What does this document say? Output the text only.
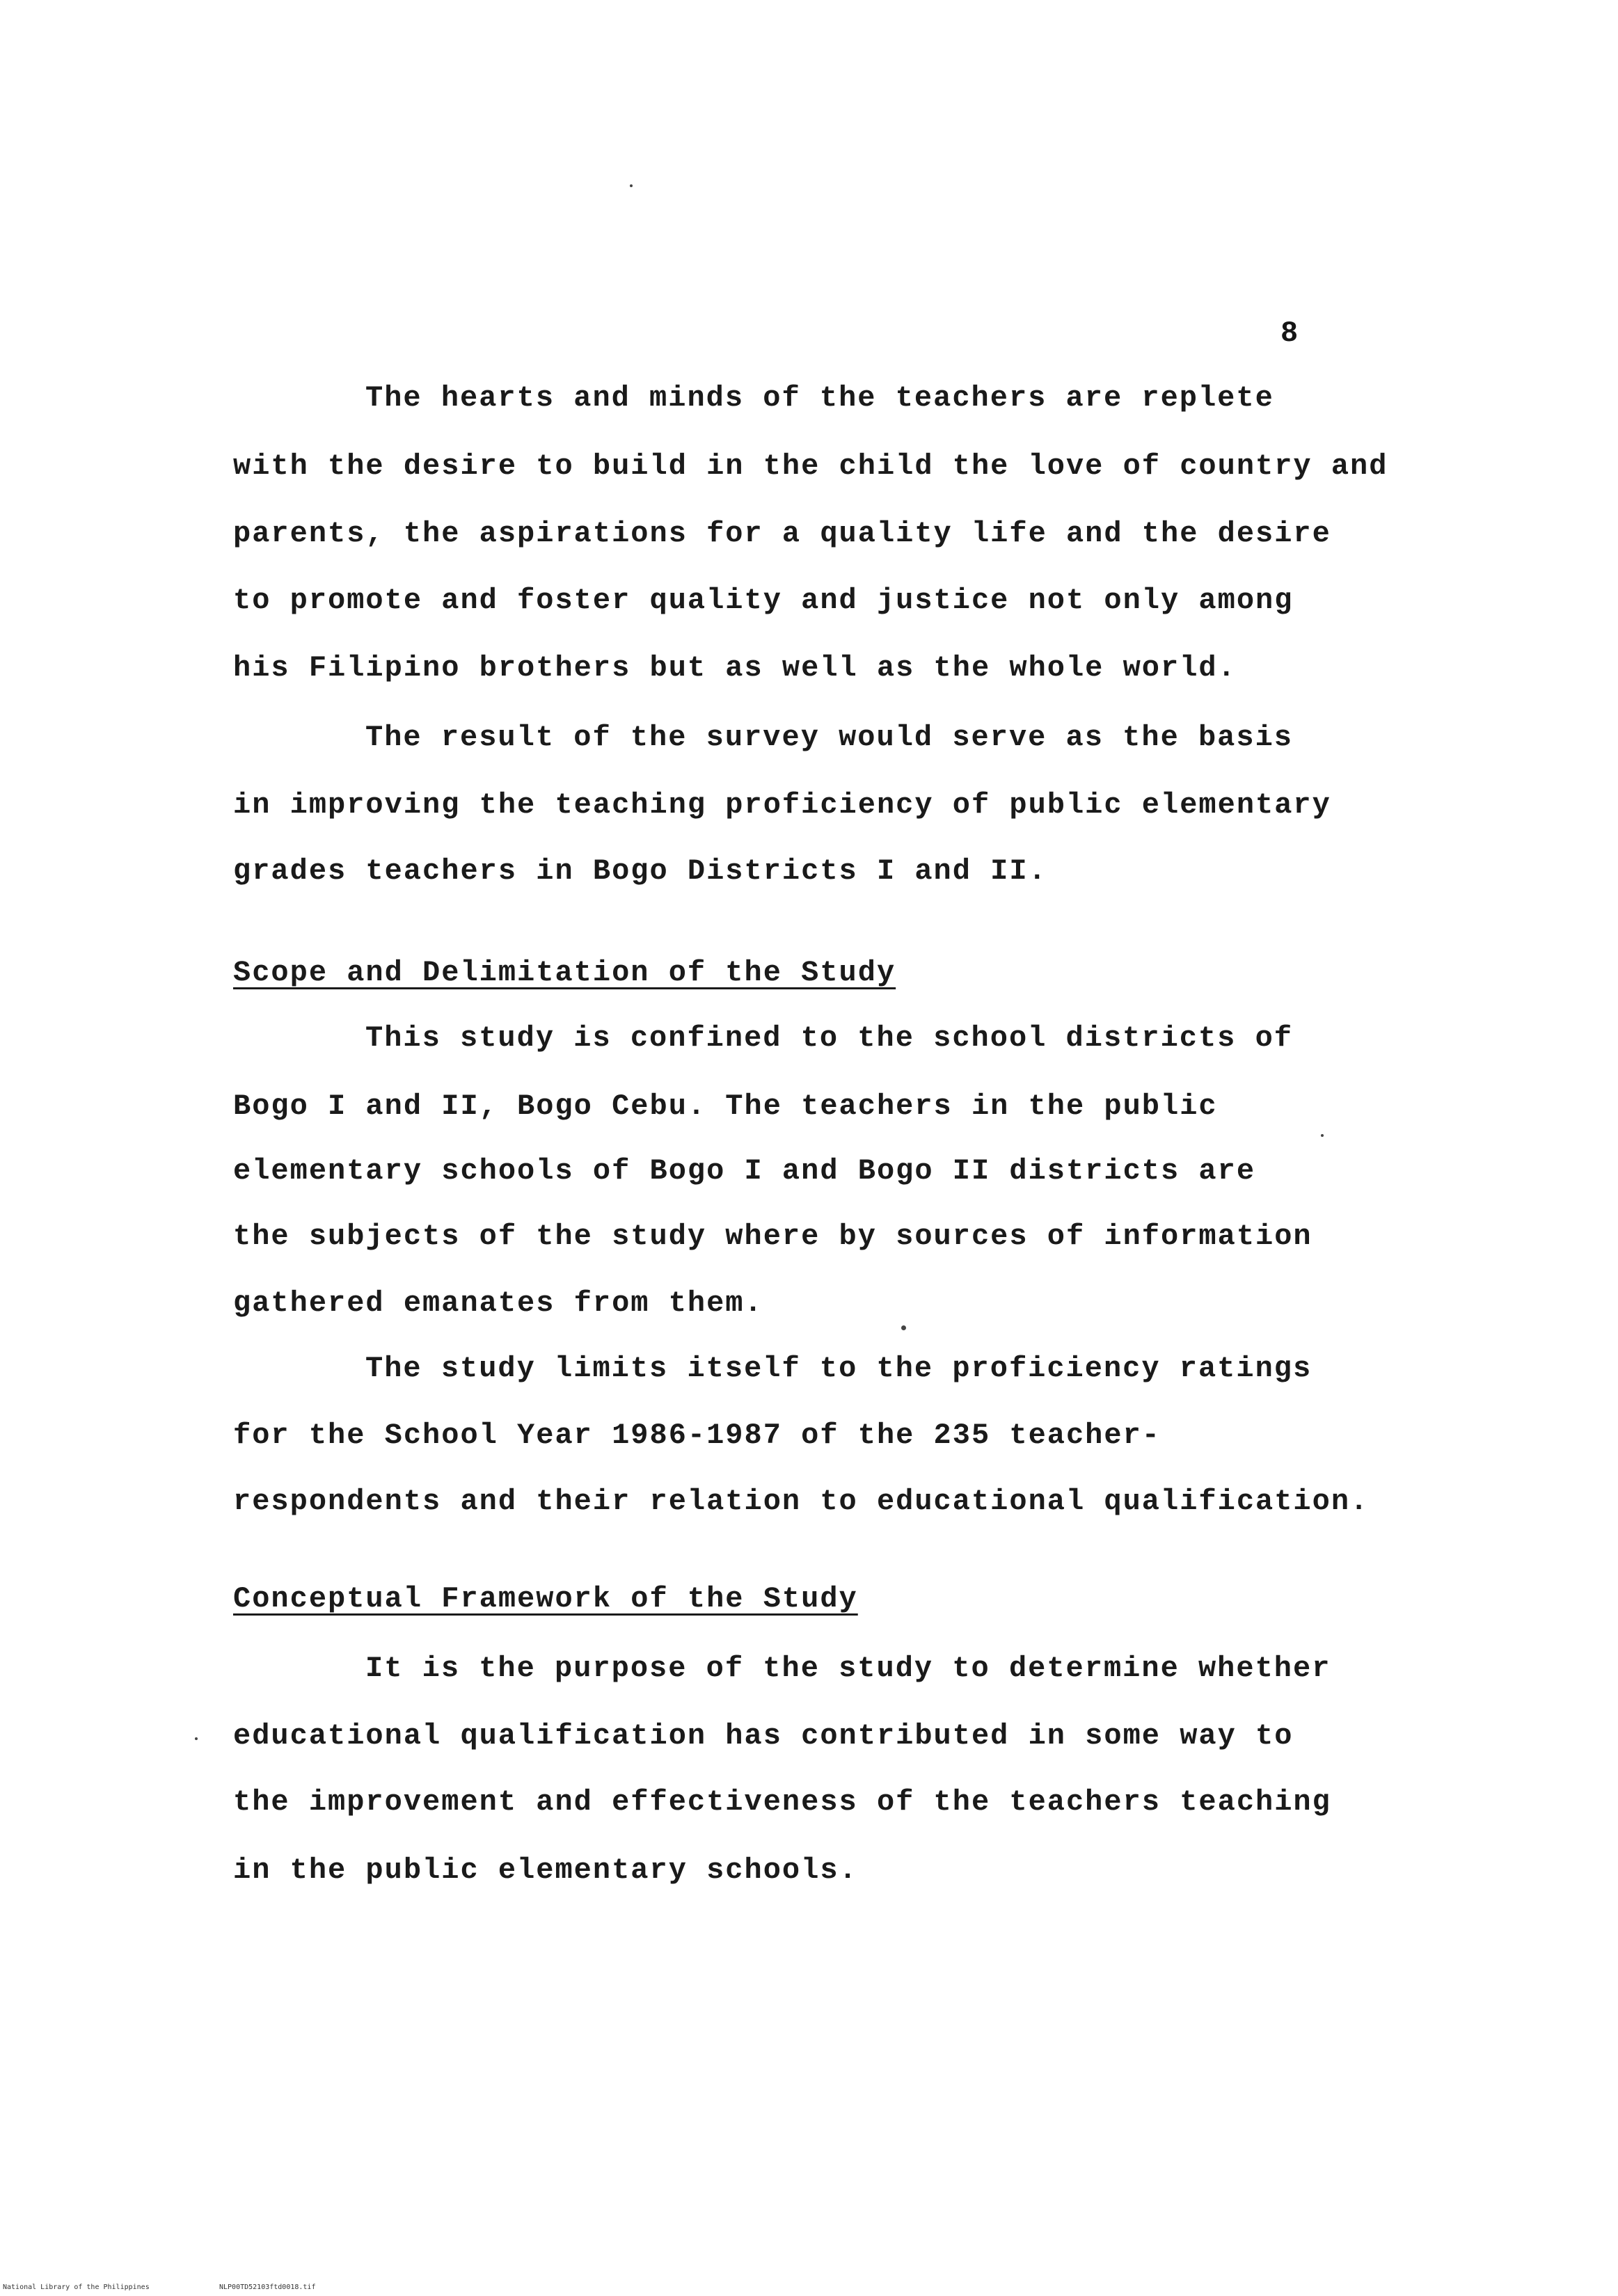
8
The hearts and minds of the teachers are replete
with the desire to build in the child the love of country and
parents, the aspirations for a quality life and the desire
to promote and foster quality and justice not only among
his Filipino brothers but as well as the whole world.
The result of the survey would serve as the basis
in improving the teaching proficiency of public elementary
grades teachers in Bogo Districts I and II.
Scope and Delimitation of the Study
This study is confined to the school districts of
Bogo I and II, Bogo Cebu. The teachers in the public
elementary schools of Bogo I and Bogo II districts are
the subjects of the study where by sources of information
gathered emanates from them.
The study limits itself to the proficiency ratings
for the School Year 1986-1987 of the 235 teacher-
respondents and their relation to educational qualification.
Conceptual Framework of the Study
It is the purpose of the study to determine whether
educational qualification has contributed in some way to
the improvement and effectiveness of the teachers teaching
in the public elementary schools.
National Library of the Philippines	NLP00TD52103ftd0018.tif
